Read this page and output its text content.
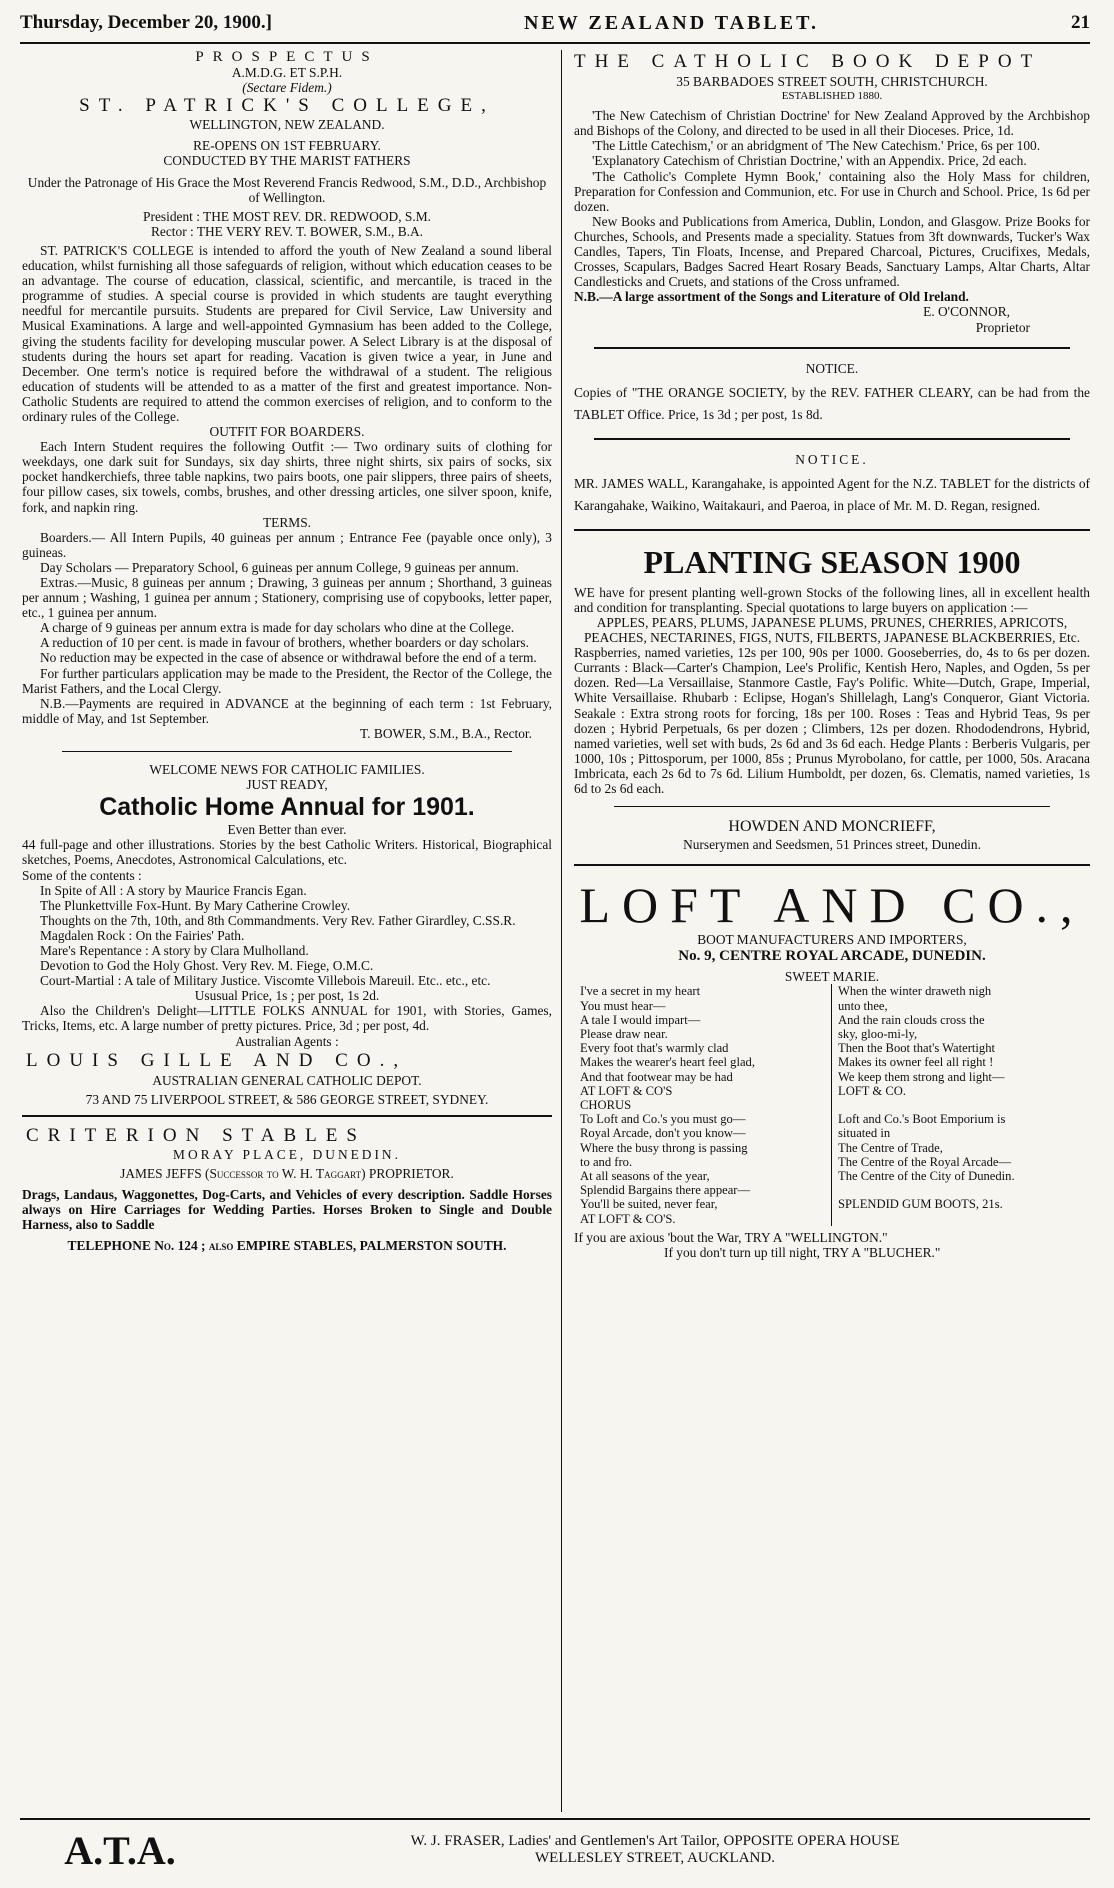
Thursday, December 20, 1900.]	NEW ZEALAND TABLET.	21

PROSPECTUS

A.M.D.G. ET S.P.H.

(Sectare Fidem.)

ST. PATRICK'S COLLEGE,

WELLINGTON, NEW ZEALAND.

RE-OPENS ON 1ST FEBRUARY.

CONDUCTED BY THE MARIST FATHERS

Under the Patronage of His Grace the Most Reverend Francis Redwood, S.M., D.D., Archbishop of Wellington.

President : THE MOST REV. DR. REDWOOD, S.M.

Rector : THE VERY REV. T. BOWER, S.M., B.A.

ST. PATRICK'S COLLEGE is intended to afford the youth of New Zealand a sound liberal education, whilst furnishing all those safeguards of religion, without which education ceases to be an advantage. The course of education, classical, scientific, and mercantile, is traced in the programme of studies. A special course is provided in which students are taught everything needful for mercantile pursuits. Students are prepared for Civil Service, Law University and Musical Examinations. A large and well-appointed Gymnasium has been added to the College, giving the students facility for developing muscular power. A Select Library is at the disposal of students during the hours set apart for reading. Vacation is given twice a year, in June and December. One term's notice is required before the withdrawal of a student. The religious education of students will be attended to as a matter of the first and greatest importance. Non-Catholic Students are required to attend the common exercises of religion, and to conform to the ordinary rules of the College.

OUTFIT FOR BOARDERS.

Each Intern Student requires the following Outfit :— Two ordinary suits of clothing for weekdays, one dark suit for Sundays, six day shirts, three night shirts, six pairs of socks, six pocket handkerchiefs, three table napkins, two pairs boots, one pair slippers, three pairs of sheets, four pillow cases, six towels, combs, brushes, and other dressing articles, one silver spoon, knife, fork, and napkin ring.

TERMS.

Boarders.— All Intern Pupils, 40 guineas per annum ; Entrance Fee (payable once only), 3 guineas.

Day Scholars — Preparatory School, 6 guineas per annum College, 9 guineas per annum.

Extras.—Music, 8 guineas per annum ; Drawing, 3 guineas per annum ; Shorthand, 3 guineas per annum ; Washing, 1 guinea per annum ; Stationery, comprising use of copybooks, letter paper, etc., 1 guinea per annum.

A charge of 9 guineas per annum extra is made for day scholars who dine at the College.

A reduction of 10 per cent. is made in favour of brothers, whether boarders or day scholars.

No reduction may be expected in the case of absence or withdrawal before the end of a term.

For further particulars application may be made to the President, the Rector of the College, the Marist Fathers, and the Local Clergy.

N.B.—Payments are required in ADVANCE at the beginning of each term : 1st February, middle of May, and 1st September.

T. BOWER, S.M., B.A., Rector.

WELCOME NEWS FOR CATHOLIC FAMILIES.

JUST READY,

Catholic Home Annual for 1901.

Even Better than ever.

44 full-page and other illustrations. Stories by the best Catholic Writers. Historical, Biographical sketches, Poems, Anecdotes, Astronomical Calculations, etc.

Some of the contents :

In Spite of All : A story by Maurice Francis Egan.

The Plunkettville Fox-Hunt. By Mary Catherine Crowley.

Thoughts on the 7th, 10th, and 8th Commandments. Very Rev. Father Girardley, C.SS.R.

Magdalen Rock : On the Fairies' Path.

Mare's Repentance : A story by Clara Mulholland.

Devotion to God the Holy Ghost. Very Rev. M. Fiege, O.M.C.

Court-Martial : A tale of Military Justice. Viscomte Villebois Mareuil. Etc.. etc., etc.

Ususual Price, 1s ; per post, 1s 2d.

Also the Children's Delight—LITTLE FOLKS ANNUAL for 1901, with Stories, Games, Tricks, Items, etc. A large number of pretty pictures. Price, 3d ; per post, 4d.

Australian Agents :

LOUIS GILLE AND CO.,

AUSTRALIAN GENERAL CATHOLIC DEPOT.

73 AND 75 LIVERPOOL STREET, & 586 GEORGE STREET, SYDNEY.

CRITERION STABLES

MORAY PLACE, DUNEDIN.

JAMES JEFFS (Successor to W. H. Taggart) PROPRIETOR.

Drags, Landaus, Waggonettes, Dog-Carts, and Vehicles of every description. Saddle Horses always on Hire Carriages for Wedding Parties. Horses Broken to Single and Double Harness, also to Saddle

TELEPHONE No. 124 ; also EMPIRE STABLES, PALMERSTON SOUTH.

THE CATHOLIC BOOK DEPOT

35 BARBADOES STREET SOUTH, CHRISTCHURCH.

ESTABLISHED 1880.

'The New Catechism of Christian Doctrine' for New Zealand Approved by the Archbishop and Bishops of the Colony, and directed to be used in all their Dioceses. Price, 1d.

'The Little Catechism,' or an abridgment of 'The New Catechism.' Price, 6s per 100.

'Explanatory Catechism of Christian Doctrine,' with an Appendix. Price, 2d each.

'The Catholic's Complete Hymn Book,' containing also the Holy Mass for children, Preparation for Confession and Communion, etc. For use in Church and School. Price, 1s 6d per dozen.

New Books and Publications from America, Dublin, London, and Glasgow. Prize Books for Churches, Schools, and Presents made a speciality. Statues from 3ft downwards, Tucker's Wax Candles, Tapers, Tin Floats, Incense, and Prepared Charcoal, Pictures, Crucifixes, Medals, Crosses, Scapulars, Badges Sacred Heart Rosary Beads, Sanctuary Lamps, Altar Charts, Altar Candlesticks and Cruets, and stations of the Cross unframed.

N.B.—A large assortment of the Songs and Literature of Old Ireland.

E. O'CONNOR,

Proprietor

NOTICE.

Copies of "THE ORANGE SOCIETY, by the REV. FATHER CLEARY, can be had from the TABLET Office. Price, 1s 3d ; per post, 1s 8d.

NOTICE.

MR. JAMES WALL, Karangahake, is appointed Agent for the N.Z. TABLET for the districts of Karangahake, Waikino, Waitakauri, and Paeroa, in place of Mr. M. D. Regan, resigned.

PLANTING SEASON 1900

WE have for present planting well-grown Stocks of the following lines, all in excellent health and condition for transplanting. Special quotations to large buyers on application :—

APPLES, PEARS, PLUMS, JAPANESE PLUMS, PRUNES, CHERRIES, APRICOTS, PEACHES, NECTARINES, FIGS, NUTS, FILBERTS, JAPANESE BLACKBERRIES, Etc.

Raspberries, named varieties, 12s per 100, 90s per 1000. Gooseberries, do, 4s to 6s per dozen. Currants : Black—Carter's Champion, Lee's Prolific, Kentish Hero, Naples, and Ogden, 5s per dozen. Red—La Versaillaise, Stanmore Castle, Fay's Polific. White—Dutch, Grape, Imperial, White Versaillaise. Rhubarb : Eclipse, Hogan's Shillelagh, Lang's Conqueror, Giant Victoria. Seakale : Extra strong roots for forcing, 18s per 100. Roses : Teas and Hybrid Teas, 9s per dozen ; Hybrid Perpetuals, 6s per dozen ; Climbers, 12s per dozen. Rhododendrons, Hybrid, named varieties, well set with buds, 2s 6d and 3s 6d each. Hedge Plants : Berberis Vulgaris, per 1000, 10s ; Pittosporum, per 1000, 85s ; Prunus Myrobolano, for cattle, per 1000, 50s. Aracana Imbricata, each 2s 6d to 7s 6d. Lilium Humboldt, per dozen, 6s. Clematis, named varieties, 1s 6d to 2s 6d each.

HOWDEN AND MONCRIEFF,

Nurserymen and Seedsmen, 51 Princes street, Dunedin.

LOFT AND CO.,

BOOT MANUFACTURERS AND IMPORTERS,

No. 9, CENTRE ROYAL ARCADE, DUNEDIN.

SWEET MARIE.

I've a secret in my heart
You must hear—
A tale I would impart—
Please draw near.
Every foot that's warmly clad
Makes the wearer's heart feel glad,
And that footwear may be had
AT LOFT & CO'S
CHORUS
To Loft and Co.'s you must go—
Royal Arcade, don't you know—
Where the busy throng is passing
to and fro.
At all seasons of the year,
Splendid Bargains there appear—
You'll be suited, never fear,
AT LOFT & CO'S.
When the winter draweth nigh
unto thee,
And the rain clouds cross the
sky, gloo-mi-ly,
Then the Boot that's Watertight
Makes its owner feel all right !
We keep them strong and light—
LOFT & CO.

Loft and Co.'s Boot Emporium is
situated in
The Centre of Trade,
The Centre of the Royal Arcade—
The Centre of the City of Dunedin.

SPLENDID GUM BOOTS, 21s.

If you are axious 'bout the War, TRY A "WELLINGTON."

If you don't turn up till night, TRY A "BLUCHER."

A.T.A.	W. J. FRASER, Ladies' and Gentlemen's Art Tailor, OPPOSITE OPERA HOUSE
WELLESLEY STREET, AUCKLAND.
